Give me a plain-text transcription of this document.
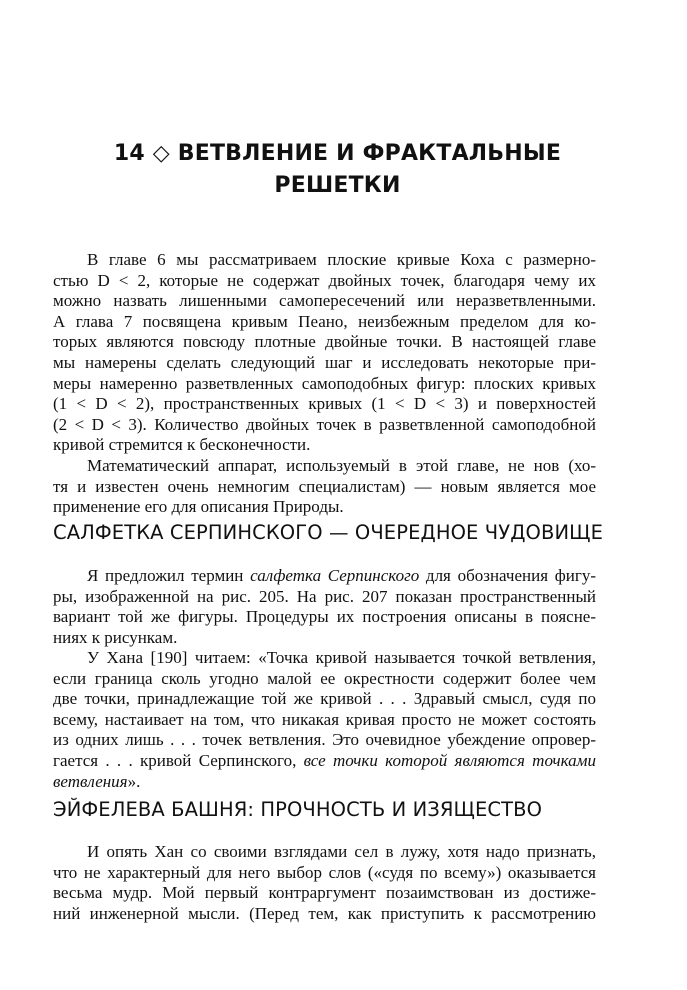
14 ◇ ВЕТВЛЕНИЕ И ФРАКТАЛЬНЫЕ
РЕШЕТКИ
В главе 6 мы рассматриваем плоские кривые Коха с размерно-
стью D < 2, которые не содержат двойных точек, благодаря чему их
можно назвать лишенными самопересечений или неразветвленными.
А глава 7 посвящена кривым Пеано, неизбежным пределом для ко-
торых являются повсюду плотные двойные точки. В настоящей главе
мы намерены сделать следующий шаг и исследовать некоторые при-
меры намеренно разветвленных самоподобных фигур: плоских кривых
(1 < D < 2), пространственных кривых (1 < D < 3) и поверхностей
(2 < D < 3). Количество двойных точек в разветвленной самоподобной
кривой стремится к бесконечности.
Математический аппарат, используемый в этой главе, не нов (хо-
тя и известен очень немногим специалистам) — новым является мое
применение его для описания Природы.
САЛФЕТКА СЕРПИНСКОГО — ОЧЕРЕДНОЕ ЧУДОВИЩЕ
Я предложил термин салфетка Серпинского для обозначения фигу-
ры, изображенной на рис. 205. На рис. 207 показан пространственный
вариант той же фигуры. Процедуры их построения описаны в поясне-
ниях к рисункам.
У Хана [190] читаем: «Точка кривой называется точкой ветвления,
если граница сколь угодно малой ее окрестности содержит более чем
две точки, принадлежащие той же кривой . . . Здравый смысл, судя по
всему, настаивает на том, что никакая кривая просто не может состоять
из одних лишь . . . точек ветвления. Это очевидное убеждение опровер-
гается . . . кривой Серпинского, все точки которой являются точками
ветвления».
ЭЙФЕЛЕВА БАШНЯ: ПРОЧНОСТЬ И ИЗЯЩЕСТВО
И опять Хан со своими взглядами сел в лужу, хотя надо признать,
что не характерный для него выбор слов («судя по всему») оказывается
весьма мудр. Мой первый контраргумент позаимствован из достиже-
ний инженерной мысли. (Перед тем, как приступить к рассмотрению
